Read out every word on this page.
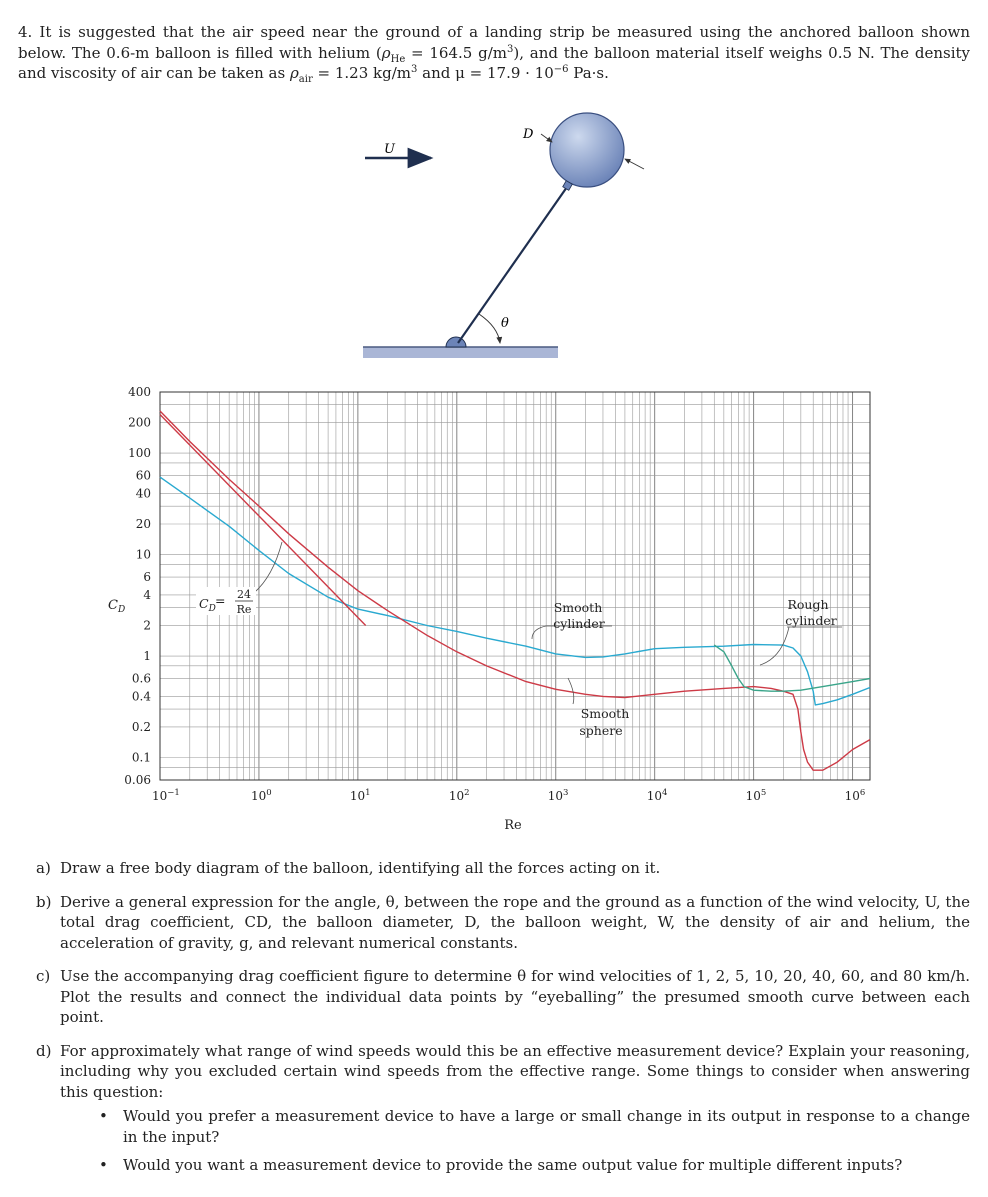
4. It is suggested that the air speed near the ground of a landing strip be measured using the anchored balloon shown below. The 0.6-m balloon is filled with helium ($\rho_{He} = 164.5$ $g/m^3$), and the balloon material itself weighs 0.5 N. The density and viscosity of air can be taken as $\rho_{air} = 1.23$ $kg/m^3$ and $\mu = 17.9 \cdot 10^{-6}$ Pa·s.

θ
D
U
400
200
100
60
40
20
10
6
4
2
1
0.6
0.4
0.2
0.1
0.06
$10^{-1}$	$10^0$	$10^1$	$10^2$	$10^3$	$10^4$	$10^5$	$10^6$
Smooth
cylinder
Smooth
sphere
Rough
cylinder
$C_D$
= 24
Re
Re
$C_D$
a) Draw a free body diagram of the balloon, identifying all the forces acting on it.
b) Derive a general expression for the angle, θ, between the rope and the ground as a function of the wind velocity, U, the total drag coefficient, CD, the balloon diameter, D, the balloon weight, W, the density of air and helium, the acceleration of gravity, g, and relevant numerical constants.
c) Use the accompanying drag coefficient figure to determine θ for wind velocities of 1, 2, 5, 10, 20, 40, 60, and 80 km/h. Plot the results and connect the individual data points by “eyeballing” the presumed smooth curve between each point.
d) For approximately what range of wind speeds would this be an effective measurement device? Explain your reasoning, including why you excluded certain wind speeds from the effective range. Some things to consider when answering this question:
•	Would you prefer a measurement device to have a large or small change in its output in response to a change in the input?
•	Would you want a measurement device to provide the same output value for multiple different inputs?
